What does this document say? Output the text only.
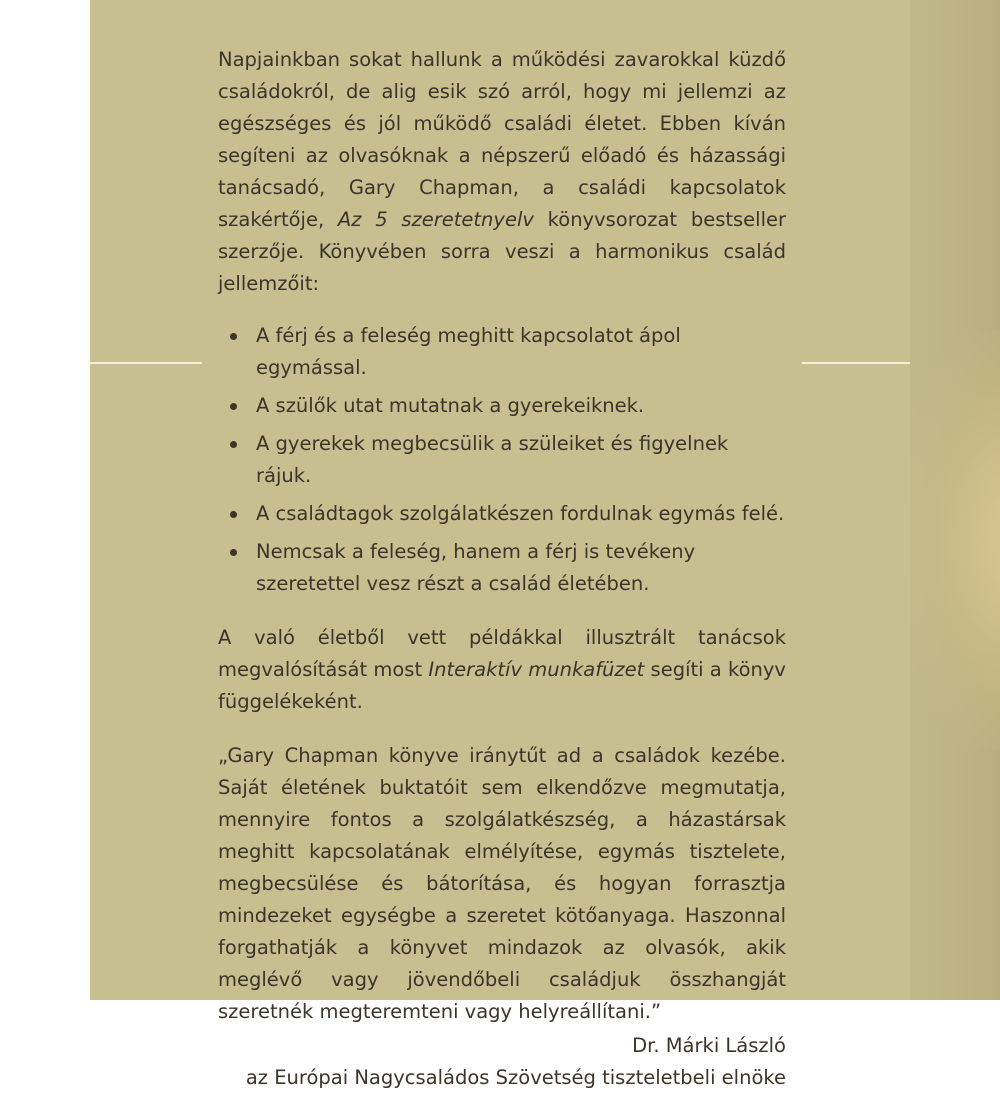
Napjainkban sokat hallunk a működési zavarokkal küzdő családokról, de alig esik szó arról, hogy mi jellemzi az egészséges és jól működő családi életet. Ebben kíván segíteni az olvasóknak a népszerű előadó és házassági tanácsadó, Gary Chapman, a családi kapcsolatok szakértője, Az 5 szeretetnyelv könyvsorozat bestseller szerzője. Könyvében sorra veszi a harmonikus család jellemzőit:

A férj és a feleség meghitt kapcsolatot ápol egymással.
A szülők utat mutatnak a gyerekeiknek.
A gyerekek megbecsülik a szüleiket és figyelnek rájuk.
A családtagok szolgálatkészen fordulnak egymás felé.
Nemcsak a feleség, hanem a férj is tevékeny szeretettel vesz részt a család életében.

A való életből vett példákkal illusztrált tanácsok megvalósítását most Interaktív munkafüzet segíti a könyv függelékeként.

„Gary Chapman könyve iránytűt ad a családok kezébe. Saját életének buktatóit sem elkendőzve megmutatja, mennyire fontos a szolgálatkészség, a házastársak meghitt kapcsolatának elmélyítése, egymás tisztelete, megbecsülése és bátorítása, és hogyan forrasztja mindezeket egységbe a szeretet kötőanyaga. Haszonnal forgathatják a könyvet mindazok az olvasók, akik meglévő vagy jövendőbeli családjuk összhangját szeretnék megteremteni vagy helyreállítani.”

Dr. Márki László
az Európai Nagycsaládos Szövetség tiszteletbeli elnöke
